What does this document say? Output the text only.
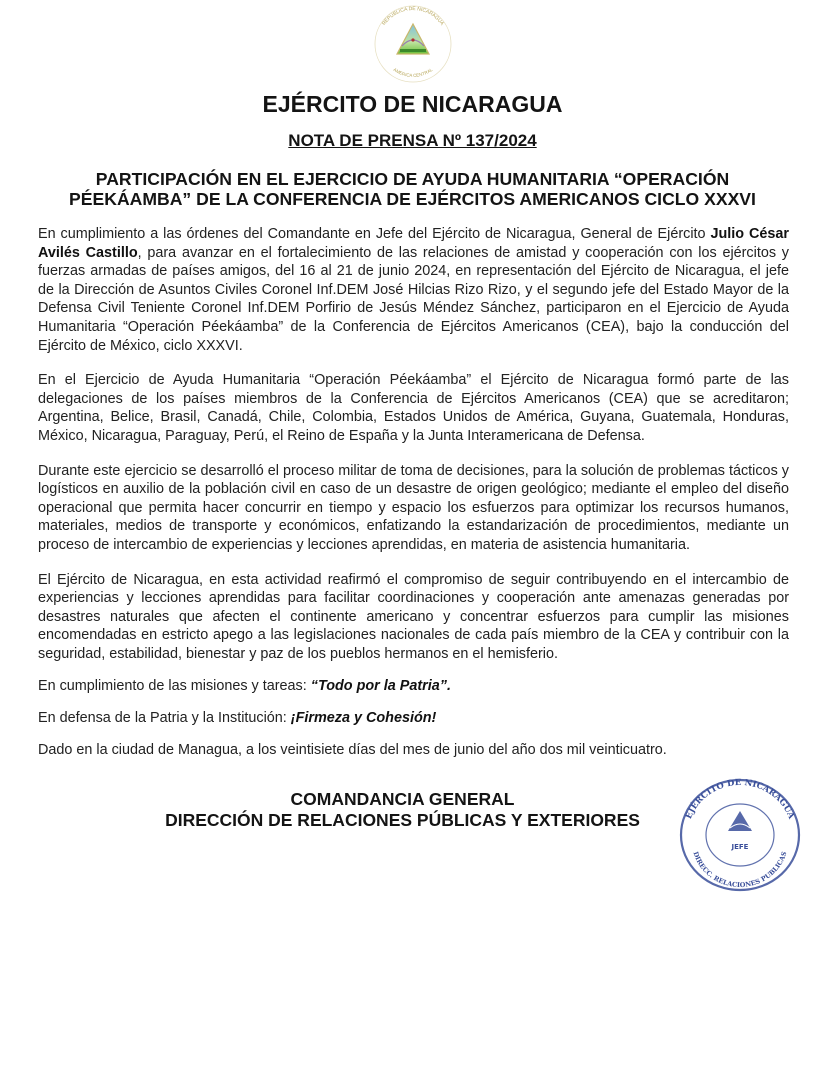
REPUBLICA DE NICARAGUA
AMERICA CENTRAL
EJÉRCITO DE NICARAGUA
NOTA DE PRENSA Nº 137/2024
PARTICIPACIÓN EN EL EJERCICIO DE AYUDA HUMANITARIA “OPERACIÓN PÉEKÁAMBA” DE LA CONFERENCIA DE EJÉRCITOS AMERICANOS CICLO XXXVI

En cumplimiento a las órdenes del Comandante en Jefe del Ejército de Nicaragua, General de Ejército Julio César Avilés Castillo, para avanzar en el fortalecimiento de las relaciones de amistad y cooperación con los ejércitos y fuerzas armadas de países amigos, del 16 al 21 de junio 2024, en representación del Ejército de Nicaragua, el jefe de la Dirección de Asuntos Civiles Coronel Inf.DEM José Hilcias Rizo Rizo, y el segundo jefe del Estado Mayor de la Defensa Civil Teniente Coronel Inf.DEM Porfirio de Jesús Méndez Sánchez, participaron en el Ejercicio de Ayuda Humanitaria “Operación Péekáamba” de la Conferencia de Ejércitos Americanos (CEA), bajo la conducción del Ejército de México, ciclo XXXVI.

En el Ejercicio de Ayuda Humanitaria “Operación Péekáamba” el Ejército de Nicaragua formó parte de las delegaciones de los países miembros de la Conferencia de Ejércitos Americanos (CEA) que se acreditaron; Argentina, Belice, Brasil, Canadá, Chile, Colombia, Estados Unidos de América, Guyana, Guatemala, Honduras, México, Nicaragua, Paraguay, Perú, el Reino de España y la Junta Interamericana de Defensa.

Durante este ejercicio se desarrolló el proceso militar de toma de decisiones, para la solución de problemas tácticos y logísticos en auxilio de la población civil en caso de un desastre de origen geológico; mediante el empleo del diseño operacional que permita hacer concurrir en tiempo y espacio los esfuerzos para optimizar los recursos humanos, materiales, medios de transporte y económicos, enfatizando la estandarización de procedimientos, mediante un proceso de intercambio de experiencias y lecciones aprendidas, en materia de asistencia humanitaria.

El Ejército de Nicaragua, en esta actividad reafirmó el compromiso de seguir contribuyendo en el intercambio de experiencias y lecciones aprendidas para facilitar coordinaciones y cooperación ante amenazas generadas por desastres naturales que afecten el continente americano y concentrar esfuerzos para cumplir las misiones encomendadas en estricto apego a las legislaciones nacionales de cada país miembro de la CEA y contribuir con la seguridad, estabilidad, bienestar y paz de los pueblos hermanos en el hemisferio.

En cumplimiento de las misiones y tareas: “Todo por la Patria”.
En defensa de la Patria y la Institución: ¡Firmeza y Cohesión!
Dado en la ciudad de Managua, a los veintisiete días del mes de junio del año dos mil veinticuatro.
COMANDANCIA GENERAL
DIRECCIÓN DE RELACIONES PÚBLICAS Y EXTERIORES	EJÉRCITO DE NICARAGUA
DIRECC. RELACIONES PUBLICAS
JEFE
